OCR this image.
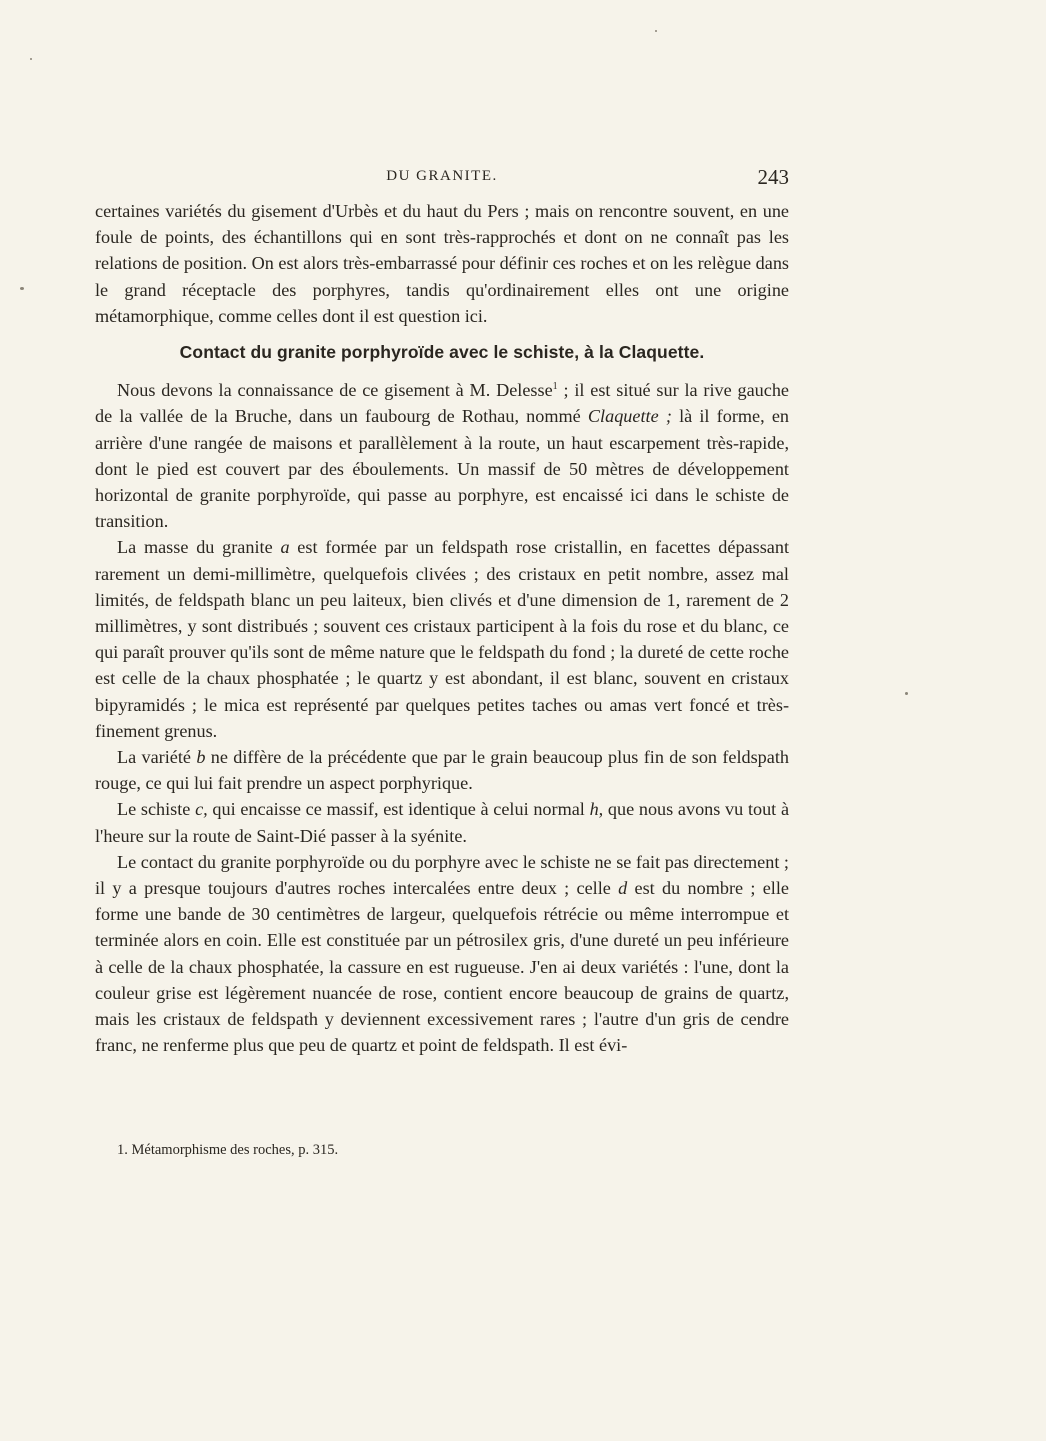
DU GRANITE.	243

certaines variétés du gisement d'Urbès et du haut du Pers ; mais on rencontre souvent, en une foule de points, des échantillons qui en sont très-rapprochés et dont on ne connaît pas les relations de position. On est alors très-embarrassé pour définir ces roches et on les relègue dans le grand réceptacle des porphyres, tandis qu'ordinairement elles ont une origine métamorphique, comme celles dont il est question ici.

Contact du granite porphyroïde avec le schiste, à la Claquette.

Nous devons la connaissance de ce gisement à M. Delesse$^1$ ; il est situé sur la rive gauche de la vallée de la Bruche, dans un faubourg de Rothau, nommé Claquette ; là il forme, en arrière d'une rangée de maisons et parallèlement à la route, un haut escarpement très-rapide, dont le pied est couvert par des éboulements. Un massif de 50 mètres de développement horizontal de granite porphyroïde, qui passe au porphyre, est encaissé ici dans le schiste de transition.

La masse du granite a est formée par un feldspath rose cristallin, en facettes dépassant rarement un demi-millimètre, quelquefois clivées ; des cristaux en petit nombre, assez mal limités, de feldspath blanc un peu laiteux, bien clivés et d'une dimension de 1, rarement de 2 millimètres, y sont distribués ; souvent ces cristaux participent à la fois du rose et du blanc, ce qui paraît prouver qu'ils sont de même nature que le feldspath du fond ; la dureté de cette roche est celle de la chaux phosphatée ; le quartz y est abondant, il est blanc, souvent en cristaux bipyramidés ; le mica est représenté par quelques petites taches ou amas vert foncé et très-finement grenus.

La variété b ne diffère de la précédente que par le grain beaucoup plus fin de son feldspath rouge, ce qui lui fait prendre un aspect porphyrique.

Le schiste c, qui encaisse ce massif, est identique à celui normal h, que nous avons vu tout à l'heure sur la route de Saint-Dié passer à la syénite.

Le contact du granite porphyroïde ou du porphyre avec le schiste ne se fait pas directement ; il y a presque toujours d'autres roches intercalées entre deux ; celle d est du nombre ; elle forme une bande de 30 centimètres de largeur, quelquefois rétrécie ou même interrompue et terminée alors en coin. Elle est constituée par un pétrosilex gris, d'une dureté un peu inférieure à celle de la chaux phosphatée, la cassure en est rugueuse. J'en ai deux variétés : l'une, dont la couleur grise est légèrement nuancée de rose, contient encore beaucoup de grains de quartz, mais les cristaux de feldspath y deviennent excessivement rares ; l'autre d'un gris de cendre franc, ne renferme plus que peu de quartz et point de feldspath. Il est évi-

1. Métamorphisme des roches, p. 315.
